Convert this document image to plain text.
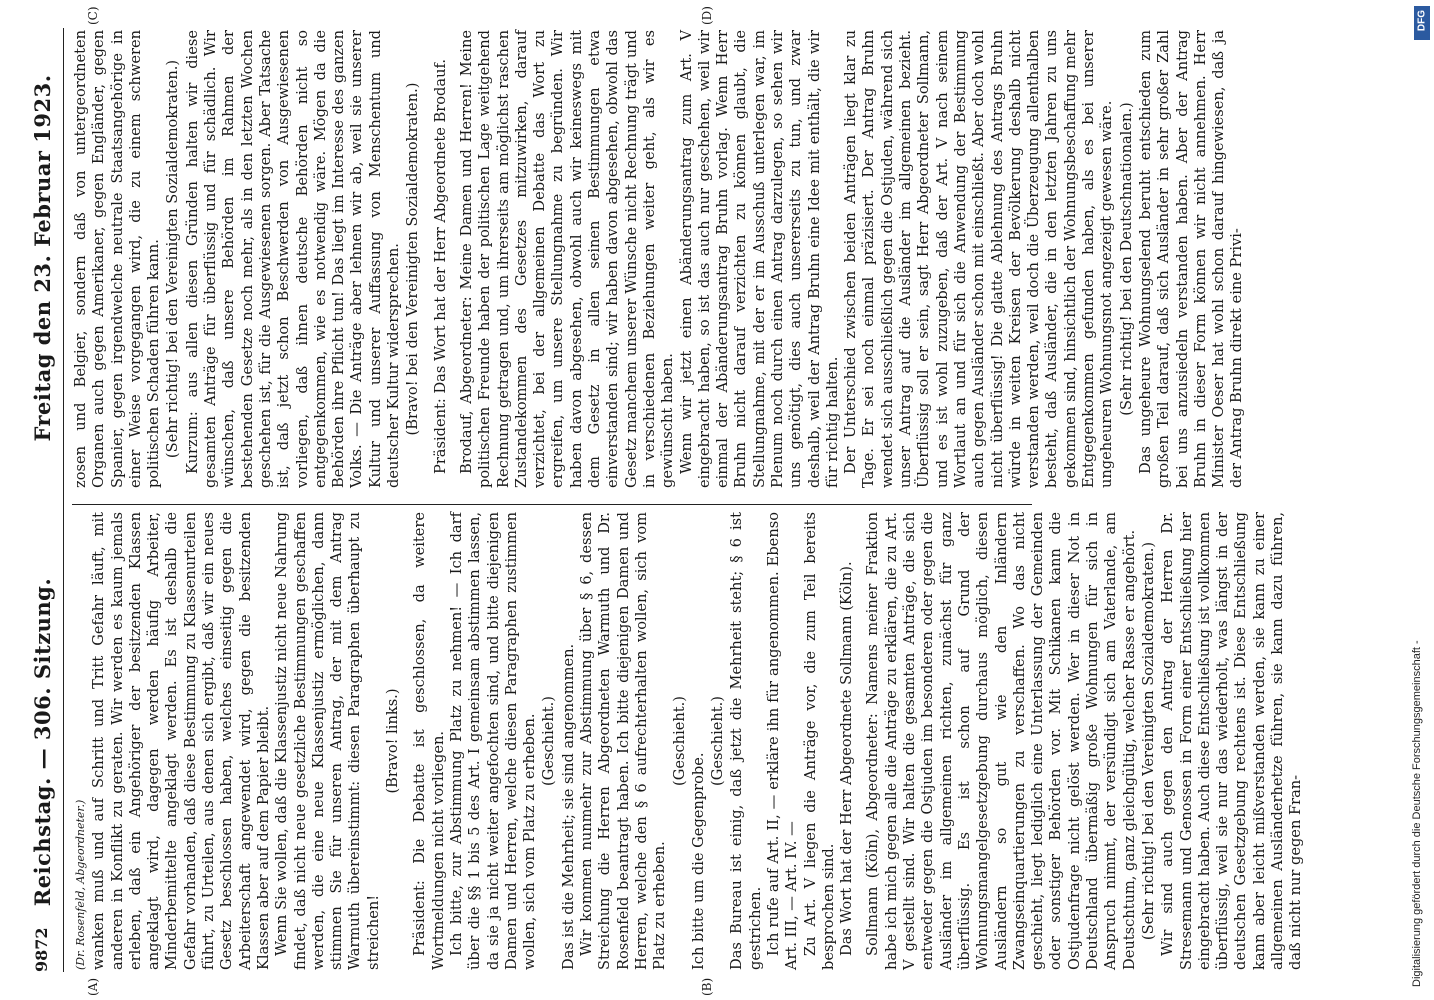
9872
Reichstag. — 306. Sitzung.
Freitag den 23. Februar 1923.
(A)	(B)
(C)	(D)

(Dr. Rosenfeld, Abgeordneter.) wanken muß und auf Schritt und Tritt Gefahr läuft, mit anderen in Konflikt zu geraten. Wir werden es kaum jemals erleben, daß ein Angehöriger der besitzenden Klassen angeklagt wird, dagegen werden häufig Arbeiter, Minderbemittelte angeklagt werden. Es ist deshalb die Gefahr vorhanden, daß diese Bestimmung zu Klassenurteilen führt, zu Urteilen, aus denen sich ergibt, daß wir ein neues Gesetz beschlossen haben, welches einseitig gegen die Arbeiterschaft angewendet wird, gegen die besitzenden Klassen aber auf dem Papier bleibt. Wenn Sie wollen, daß die Klassenjustiz nicht neue Nahrung findet, daß nicht neue gesetzliche Bestimmungen geschaffen werden, die eine neue Klassenjustiz ermöglichen, dann stimmen Sie für unseren Antrag, der mit dem Antrag Warmuth übereinstimmt: diesen Paragraphen überhaupt zu streichen!

(Bravo! links.) Präsident: Die Debatte ist geschlossen, da weitere Wortmeldungen nicht vorliegen. Ich bitte, zur Abstimmung Platz zu nehmen! — Ich darf über die §§ 1 bis 5 des Art. I gemeinsam abstimmen lassen, da sie ja nicht weiter angefochten sind, und bitte diejenigen Damen und Herren, welche diesen Paragraphen zustimmen wollen, sich vom Platz zu erheben. (Geschieht.) Das ist die Mehrheit; sie sind angenommen. Wir kommen nunmehr zur Abstimmung über § 6, dessen Streichung die Herren Abgeordneten Warmuth und Dr. Rosenfeld beantragt haben. Ich bitte diejenigen Damen und Herren, welche den § 6 aufrechterhalten wollen, sich vom Platz zu erheben.

(Geschieht.)

Ich bitte um die Gegenprobe.

(Geschieht.) Das Bureau ist einig, daß jetzt die Mehrheit steht; § 6 ist gestrichen. Ich rufe auf Art. II, — erkläre ihn für angenommen. Ebenso Art. III, — Art. IV. — Zu Art. V liegen die Anträge vor, die zum Teil bereits besprochen sind. Das Wort hat der Herr Abgeordnete Sollmann (Köln). Sollmann (Köln), Abgeordneter: Namens meiner Fraktion habe ich mich gegen alle die Anträge zu erklären, die zu Art. V gestellt sind. Wir halten die gesamten Anträge, die sich entweder gegen die Ostjuden im besonderen oder gegen die Ausländer im allgemeinen richten, zunächst für ganz überflüssig. Es ist schon auf Grund der Wohnungsmangelgesetzgebung durchaus möglich, diesen Ausländern so gut wie den Inländern Zwangseinquartierungen zu verschaffen. Wo das nicht geschieht, liegt lediglich eine Unterlassung der Gemeinden oder sonstiger Behörden vor. Mit Schikanen kann die Ostjudenfrage nicht gelöst werden. Wer in dieser Not in Deutschland übermäßig große Wohnungen für sich in Anspruch nimmt, der versündigt sich am Vaterlande, am Deutschtum, ganz gleichgültig, welcher Rasse er angehört. (Sehr richtig! bei den Vereinigten Sozialdemokraten.) Wir sind auch gegen den Antrag der Herren Dr. Stresemann und Genossen in Form einer Entschließung hier eingebracht haben. Auch diese Entschließung ist vollkommen überflüssig, weil sie nur das wiederholt, was längst in der deutschen Gesetzgebung rechtens ist. Diese Entschließung kann aber leicht mißverstanden werden, sie kann zu einer allgemeinen Ausländerhetze führen, sie kann dazu führen, daß nicht nur gegen Fran-

zosen und Belgier, sondern daß von untergeordneten Organen auch gegen Amerikaner, gegen Engländer, gegen Spanier, gegen irgendwelche neutrale Staatsangehörige in einer Weise vorgegangen wird, die zu einem schweren politischen Schaden führen kann. (Sehr richtig! bei den Vereinigten Sozialdemokraten.) Kurzum: aus allen diesen Gründen halten wir diese gesamten Anträge für überflüssig und für schädlich. Wir wünschen, daß unsere Behörden im Rahmen der bestehenden Gesetze noch mehr, als in den letzten Wochen geschehen ist, für die Ausgewiesenen sorgen. Aber Tatsache ist, daß jetzt schon Beschwerden von Ausgewiesenen vorliegen, daß ihnen deutsche Behörden nicht so entgegenkommen, wie es notwendig wäre. Mögen da die Behörden ihre Pflicht tun! Das liegt im Interesse des ganzen Volks. — Die Anträge aber lehnen wir ab, weil sie unserer Kultur und unserer Auffassung von Menschentum und deutscher Kultur widersprechen. (Bravo! bei den Vereinigten Sozialdemokraten.) Präsident: Das Wort hat der Herr Abgeordnete Brodauf. Brodauf, Abgeordneter: Meine Damen und Herren! Meine politischen Freunde haben der politischen Lage weitgehend Rechnung getragen und, um ihrerseits am möglichst raschen Zustandekommen des Gesetzes mitzuwirken, darauf verzichtet, bei der allgemeinen Debatte das Wort zu ergreifen, um unsere Stellungnahme zu begründen. Wir haben davon abgesehen, obwohl auch wir keineswegs mit dem Gesetz in allen seinen Bestimmungen etwa einverstanden sind; wir haben davon abgesehen, obwohl das Gesetz manchem unserer Wünsche nicht Rechnung trägt und in verschiedenen Beziehungen weiter geht, als wir es gewünscht haben. Wenn wir jetzt einen Abänderungsantrag zum Art. V eingebracht haben, so ist das auch nur geschehen, weil wir einmal der Abänderungsantrag Bruhn vorlag. Wenn Herr Bruhn nicht darauf verzichten zu können glaubt, die Stellungnahme, mit der er im Ausschuß unterlegen war, im Plenum noch durch einen Antrag darzulegen, so sehen wir uns genötigt, dies auch unsererseits zu tun, und zwar deshalb, weil der Antrag Bruhn eine Idee mit enthält, die wir für richtig halten. Der Unterschied zwischen beiden Anträgen liegt klar zu Tage. Er sei noch einmal präzisiert. Der Antrag Bruhn wendet sich ausschließlich gegen die Ostjuden, während sich unser Antrag auf die Ausländer im allgemeinen bezieht. Überflüssig soll er sein, sagt Herr Abgeordneter Sollmann, und es ist wohl zuzugeben, daß der Art. V nach seinem Wortlaut an und für sich die Anwendung der Bestimmung auch gegen Ausländer schon mit einschließt. Aber doch wohl nicht überflüssig! Die glatte Ablehnung des Antrags Bruhn würde in weiten Kreisen der Bevölkerung deshalb nicht verstanden werden, weil doch die Überzeugung allenthalben besteht, daß Ausländer, die in den letzten Jahren zu uns gekommen sind, hinsichtlich der Wohnungsbeschaffung mehr Entgegenkommen gefunden haben, als es bei unserer ungeheuren Wohnungsnot angezeigt gewesen wäre. (Sehr richtig! bei den Deutschnationalen.) Das ungeheure Wohnungselend beruht entschieden zum großen Teil darauf, daß sich Ausländer in sehr großer Zahl bei uns anzusiedeln verstanden haben. Aber der Antrag Bruhn in dieser Form können wir nicht annehmen. Herr Minister Oeser hat wohl schon darauf hingewiesen, daß ja der Antrag Bruhn direkt eine Privi-

Digitalisierung gefördert durch die Deutsche Forschungsgemeinschaft -
DFG
